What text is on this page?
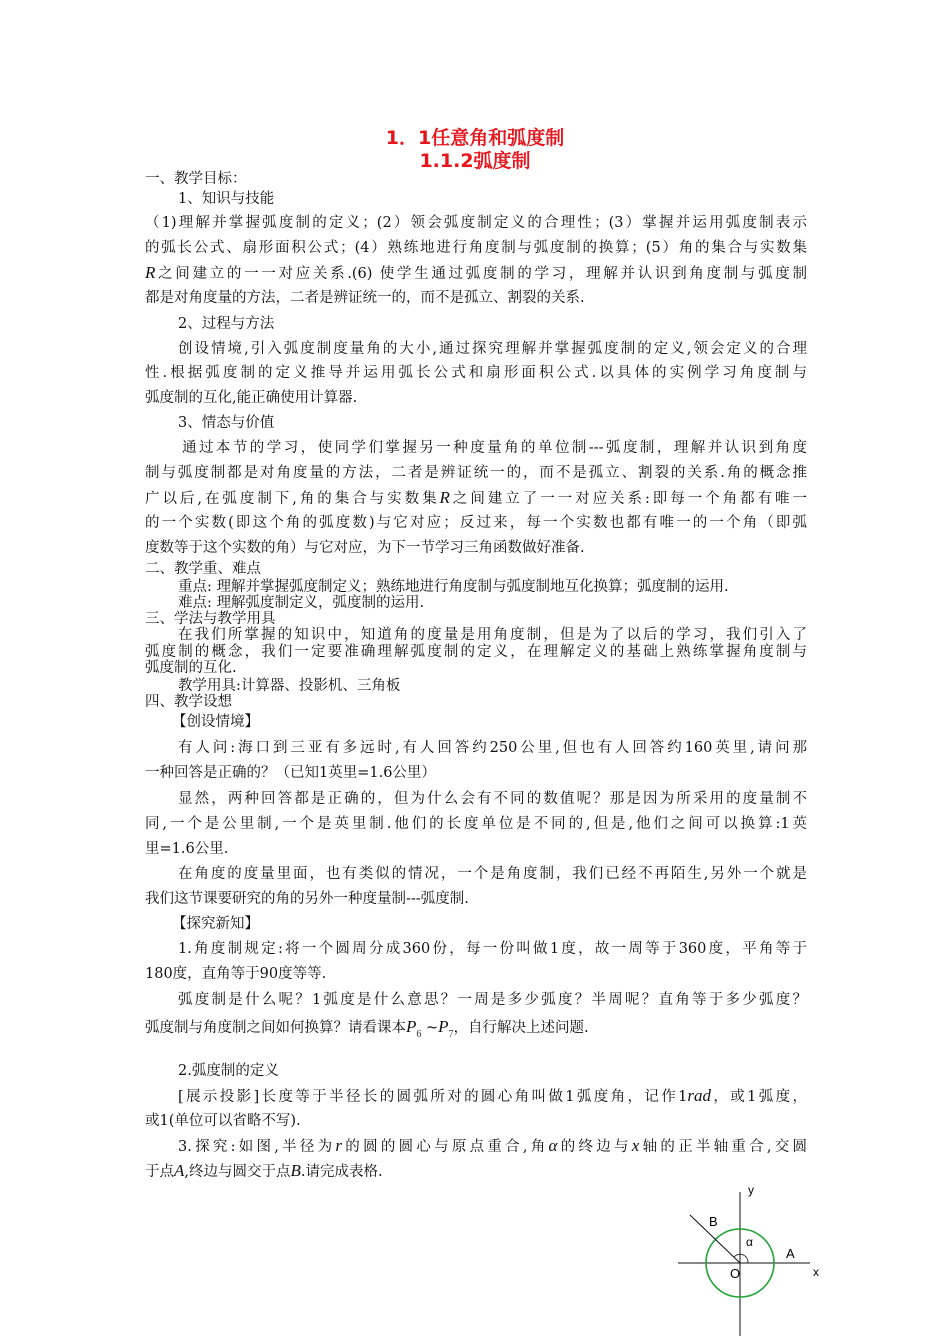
1．1任意角和弧度制
1.1.2弧度制
一、教学目标：
1、知识与技能
（1)理解并掌握弧度制的定义；(2）领会弧度制定义的合理性；(3）掌握并运用弧度制表示
的弧长公式、扇形面积公式；(4）熟练地进行角度制与弧度制的换算；(5）角的集合与实数集
R之间建立的一一对应关系.(6) 使学生通过弧度制的学习，理解并认识到角度制与弧度制
都是对角度量的方法，二者是辨证统一的，而不是孤立、割裂的关系.
2、过程与方法
创设情境,引入弧度制度量角的大小,通过探究理解并掌握弧度制的定义,领会定义的合理
性.根据弧度制的定义推导并运用弧长公式和扇形面积公式.以具体的实例学习角度制与
弧度制的互化,能正确使用计算器.
3、情态与价值
通过本节的学习，使同学们掌握另一种度量角的单位制---弧度制，理解并认识到角度
制与弧度制都是对角度量的方法，二者是辨证统一的，而不是孤立、割裂的关系.角的概念推
广以后,在弧度制下,角的集合与实数集R之间建立了一一对应关系:即每一个角都有唯一
的一个实数(即这个角的弧度数)与它对应；反过来，每一个实数也都有唯一的一个角（即弧
度数等于这个实数的角）与它对应，为下一节学习三角函数做好准备.
二、教学重、难点
重点: 理解并掌握弧度制定义；熟练地进行角度制与弧度制地互化换算；弧度制的运用.
难点: 理解弧度制定义，弧度制的运用.
三、学法与教学用具
在我们所掌握的知识中，知道角的度量是用角度制，但是为了以后的学习，我们引入了
弧度制的概念，我们一定要准确理解弧度制的定义，在理解定义的基础上熟练掌握角度制与
弧度制的互化.
教学用具:计算器、投影机、三角板
四、教学设想
【创设情境】
有人问:海口到三亚有多远时,有人回答约250公里,但也有人回答约160英里,请问那
一种回答是正确的？（已知1英里=1.6公里）
显然，两种回答都是正确的，但为什么会有不同的数值呢？那是因为所采用的度量制不
同,一个是公里制,一个是英里制.他们的长度单位是不同的,但是,他们之间可以换算:1英
里=1.6公里.
在角度的度量里面，也有类似的情况，一个是角度制，我们已经不再陌生,另外一个就是
我们这节课要研究的角的另外一种度量制---弧度制.
【探究新知】
1.角度制规定:将一个圆周分成360份，每一份叫做1度，故一周等于360度，平角等于
180度，直角等于90度等等.
弧度制是什么呢？1弧度是什么意思？一周是多少弧度？半周呢？直角等于多少弧度？
弧度制与角度制之间如何换算？请看课本$P_6$ $\sim P_7$，自行解决上述问题.
2.弧度制的定义
[展示投影]长度等于半径长的圆弧所对的圆心角叫做1弧度角，记作1rad，或1弧度，
或1(单位可以省略不写).
3.探究:如图,半径为r的圆的圆心与原点重合,角α的终边与x轴的正半轴重合,交圆
于点A,终边与圆交于点B.请完成表格.
y
x
O
A
B
α
